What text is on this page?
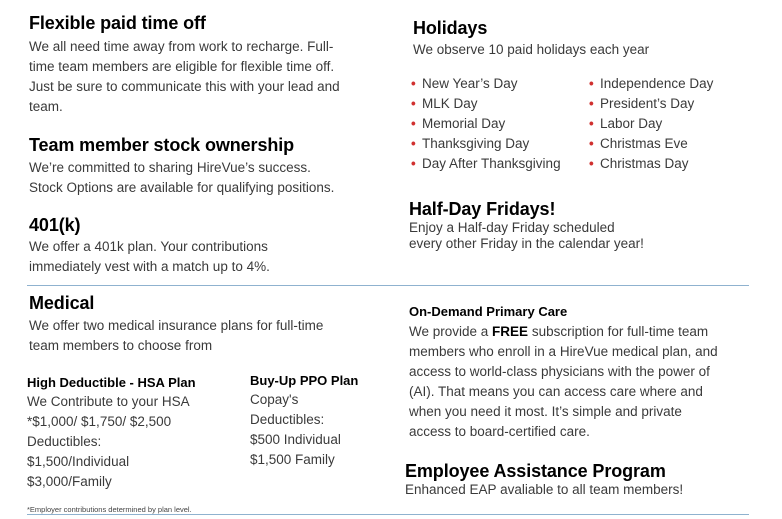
Flexible paid time off
We all need time away from work to recharge. Full-
time team members are eligible for flexible time off.
Just be sure to communicate this with your lead and
team.
Team member stock ownership
We’re committed to sharing HireVue’s success.
Stock Options are available for qualifying positions.
401(k)
We offer a 401k plan. Your contributions
immediately vest with a match up to 4%.
Holidays
We observe 10 paid holidays each year
• New Year’s Day
• MLK Day
• Memorial Day
• Thanksgiving Day
• Day After Thanksgiving
• Independence Day
• President’s Day
• Labor Day
• Christmas Eve
• Christmas Day
Half-Day Fridays!
Enjoy a Half-day Friday scheduled
every other Friday in the calendar year!
Medical
We offer two medical insurance plans for full-time
team members to choose from
High Deductible - HSA Plan
We Contribute to your HSA
*$1,000/ $1,750/ $2,500
Deductibles:
$1,500/Individual
$3,000/Family
Buy-Up PPO Plan
Copay's
Deductibles:
$500 Individual
$1,500 Family
*Employer contributions determined by plan level.
On-Demand Primary Care
We provide a FREE subscription for full-time team
members who enroll in a HireVue medical plan, and
access to world-class physicians with the power of
(AI). That means you can access care where and
when you need it most. It’s simple and private
access to board-certified care.
Employee Assistance Program
Enhanced EAP avaliable to all team members!
